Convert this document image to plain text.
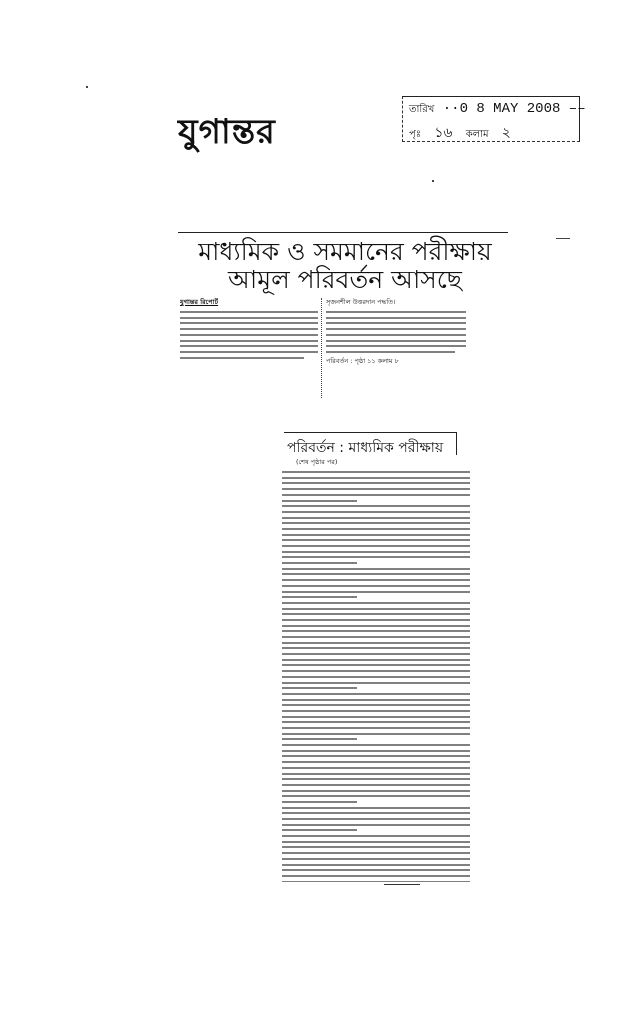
যুগান্তর
তারিখ ··0 8 MAY 2008 ––
পৃঃ ১৬ কলাম ২
মাধ্যমিক ও সমমানের পরীক্ষায়
আমূল পরিবর্তন আসছে
যুগান্তর রিপোর্ট	সৃজনশীল উত্তরদান পদ্ধতি।
পরিবর্তন : পৃষ্ঠা ১১ কলাম ৮
পরিবর্তন : মাধ্যমিক পরীক্ষায়
(শেষ পৃষ্ঠার পর)
